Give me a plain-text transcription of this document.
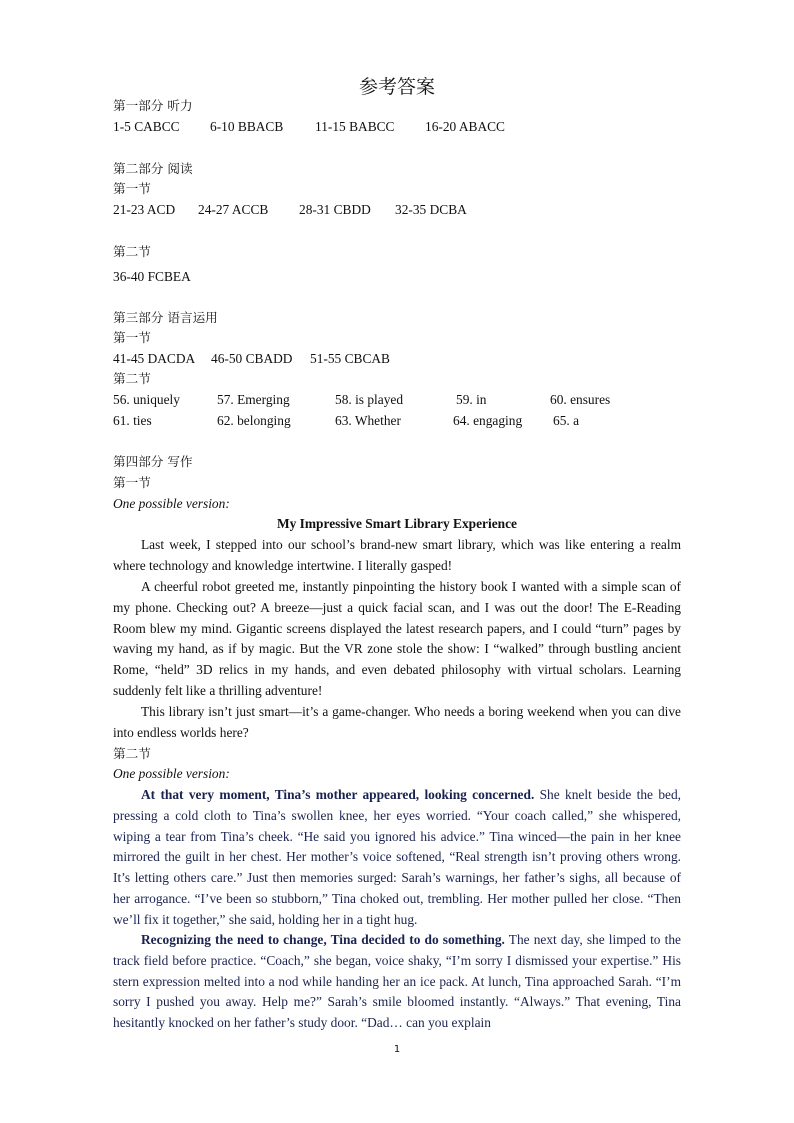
参考答案
第一部分 听力
1-5 CABCC 6-10 BBACB 11-15 BABCC 16-20 ABACC
第二部分 阅读
第一节
21-23 ACD 24-27 ACCB 28-31 CBDD 32-35 DCBA
第二节
36-40 FCBEA
第三部分 语言运用
第一节
41-45 DACDA 46-50 CBADD 51-55 CBCAB
第二节
56. uniquely	57. Emerging	58. is played	59. in	60. ensures
61. ties	62. belonging	63. Whether	64. engaging 65. a
第四部分 写作
第一节
One possible version:
My Impressive Smart Library Experience

Last week, I stepped into our school’s brand-new smart library, which was like entering a realm where technology and knowledge intertwine. I literally gasped!

A cheerful robot greeted me, instantly pinpointing the history book I wanted with a simple scan of my phone. Checking out? A breeze—just a quick facial scan, and I was out the door! The E-Reading Room blew my mind. Gigantic screens displayed the latest research papers, and I could “turn” pages by waving my hand, as if by magic. But the VR zone stole the show: I “walked” through bustling ancient Rome, “held” 3D relics in my hands, and even debated philosophy with virtual scholars. Learning suddenly felt like a thrilling adventure!

This library isn’t just smart—it’s a game-changer. Who needs a boring weekend when you can dive into endless worlds here?

第二节
One possible version:

At that very moment, Tina’s mother appeared, looking concerned. She knelt beside the bed, pressing a cold cloth to Tina’s swollen knee, her eyes worried. “Your coach called,” she whispered, wiping a tear from Tina’s cheek. “He said you ignored his advice.” Tina winced—the pain in her knee mirrored the guilt in her chest. Her mother’s voice softened, “Real strength isn’t proving others wrong. It’s letting others care.” Just then memories surged: Sarah’s warnings, her father’s sighs, all because of her arrogance. “I’ve been so stubborn,” Tina choked out, trembling. Her mother pulled her close. “Then we’ll fix it together,” she said, holding her in a tight hug.

Recognizing the need to change, Tina decided to do something. The next day, she limped to the track field before practice. “Coach,” she began, voice shaky, “I’m sorry I dismissed your expertise.” His stern expression melted into a nod while handing her an ice pack. At lunch, Tina approached Sarah. “I’m sorry I pushed you away. Help me?” Sarah’s smile bloomed instantly. “Always.” That evening, Tina hesitantly knocked on her father’s study door. “Dad… can you explain

1
